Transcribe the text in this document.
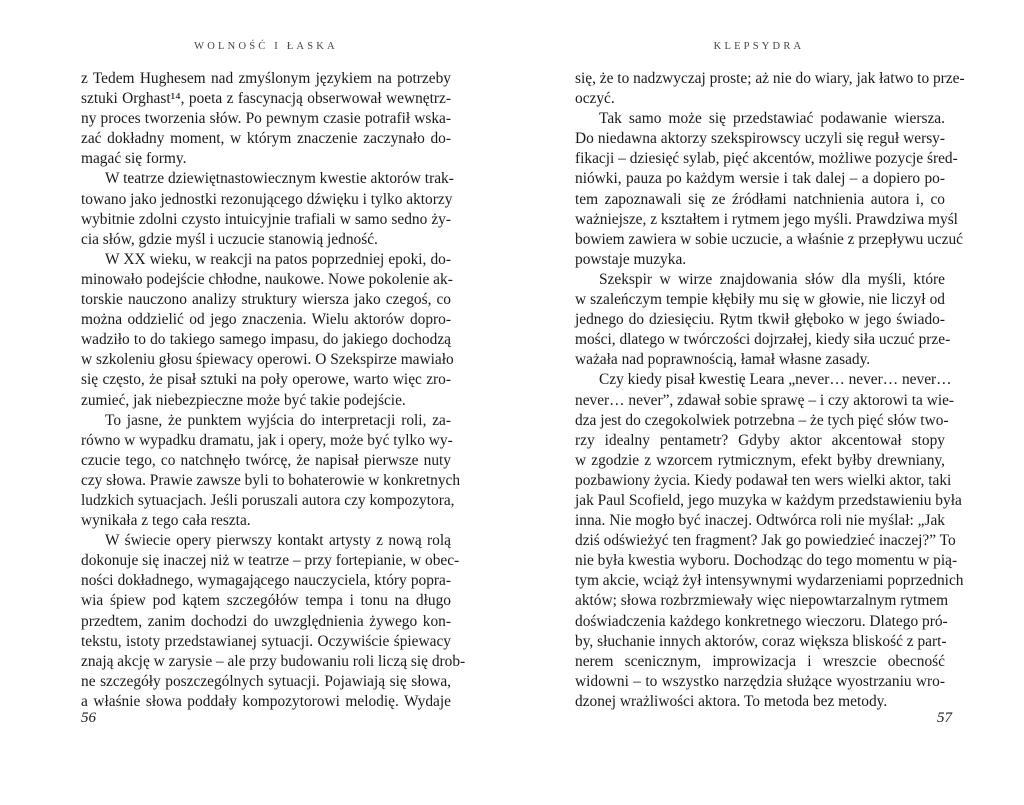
WOLNOŚĆ I ŁASKA
z Tedem Hughesem nad zmyślonym językiem na potrzeby
sztuki Orghast¹⁴, poeta z fascynacją obserwował wewnętrz-
ny proces tworzenia słów. Po pewnym czasie potrafił wska-
zać dokładny moment, w którym znaczenie zaczynało do-
magać się formy.
W teatrze dziewiętnastowiecznym kwestie aktorów trak-
towano jako jednostki rezonującego dźwięku i tylko aktorzy
wybitnie zdolni czysto intuicyjnie trafiali w samo sedno ży-
cia słów, gdzie myśl i uczucie stanowią jedność.
W XX wieku, w reakcji na patos poprzedniej epoki, do-
minowało podejście chłodne, naukowe. Nowe pokolenie ak-
torskie nauczono analizy struktury wiersza jako czegoś, co
można oddzielić od jego znaczenia. Wielu aktorów dopro-
wadziło to do takiego samego impasu, do jakiego dochodzą
w szkoleniu głosu śpiewacy operowi. O Szekspirze mawiało
się często, że pisał sztuki na poły operowe, warto więc zro-
zumieć, jak niebezpieczne może być takie podejście.
To jasne, że punktem wyjścia do interpretacji roli, za-
równo w wypadku dramatu, jak i opery, może być tylko wy-
czucie tego, co natchnęło twórcę, że napisał pierwsze nuty
czy słowa. Prawie zawsze byli to bohaterowie w konkretnych
ludzkich sytuacjach. Jeśli poruszali autora czy kompozytora,
wynikała z tego cała reszta.
W świecie opery pierwszy kontakt artysty z nową rolą
dokonuje się inaczej niż w teatrze – przy fortepianie, w obec-
ności dokładnego, wymagającego nauczyciela, który popra-
wia śpiew pod kątem szczegółów tempa i tonu na długo
przedtem, zanim dochodzi do uwzględnienia żywego kon-
tekstu, istoty przedstawianej sytuacji. Oczywiście śpiewacy
znają akcję w zarysie – ale przy budowaniu roli liczą się drob-
ne szczegóły poszczególnych sytuacji. Pojawiają się słowa,
a właśnie słowa poddały kompozytorowi melodię. Wydaje
56
KLEPSYDRA
się, że to nadzwyczaj proste; aż nie do wiary, jak łatwo to prze-
oczyć.
Tak samo może się przedstawiać podawanie wiersza.
Do niedawna aktorzy szekspirowscy uczyli się reguł wersy-
fikacji – dziesięć sylab, pięć akcentów, możliwe pozycje śred-
niówki, pauza po każdym wersie i tak dalej – a dopiero po-
tem zapoznawali się ze źródłami natchnienia autora i, co
ważniejsze, z kształtem i rytmem jego myśli. Prawdziwa myśl
bowiem zawiera w sobie uczucie, a właśnie z przepływu uczuć
powstaje muzyka.
Szekspir w wirze znajdowania słów dla myśli, które
w szaleńczym tempie kłębiły mu się w głowie, nie liczył od
jednego do dziesięciu. Rytm tkwił głęboko w jego świado-
mości, dlatego w twórczości dojrzałej, kiedy siła uczuć prze-
ważała nad poprawnością, łamał własne zasady.
Czy kiedy pisał kwestię Leara „never… never… never…
never… never”, zdawał sobie sprawę – i czy aktorowi ta wie-
dza jest do czegokolwiek potrzebna – że tych pięć słów two-
rzy idealny pentametr? Gdyby aktor akcentował stopy
w zgodzie z wzorcem rytmicznym, efekt byłby drewniany,
pozbawiony życia. Kiedy podawał ten wers wielki aktor, taki
jak Paul Scofield, jego muzyka w każdym przedstawieniu była
inna. Nie mogło być inaczej. Odtwórca roli nie myślał: „Jak
dziś odświeżyć ten fragment? Jak go powiedzieć inaczej?” To
nie była kwestia wyboru. Dochodząc do tego momentu w pią-
tym akcie, wciąż żył intensywnymi wydarzeniami poprzednich
aktów; słowa rozbrzmiewały więc niepowtarzalnym rytmem
doświadczenia każdego konkretnego wieczoru. Dlatego pró-
by, słuchanie innych aktorów, coraz większa bliskość z part-
nerem scenicznym, improwizacja i wreszcie obecność
widowni – to wszystko narzędzia służące wyostrzaniu wro-
dzonej wrażliwości aktora. To metoda bez metody.
57
